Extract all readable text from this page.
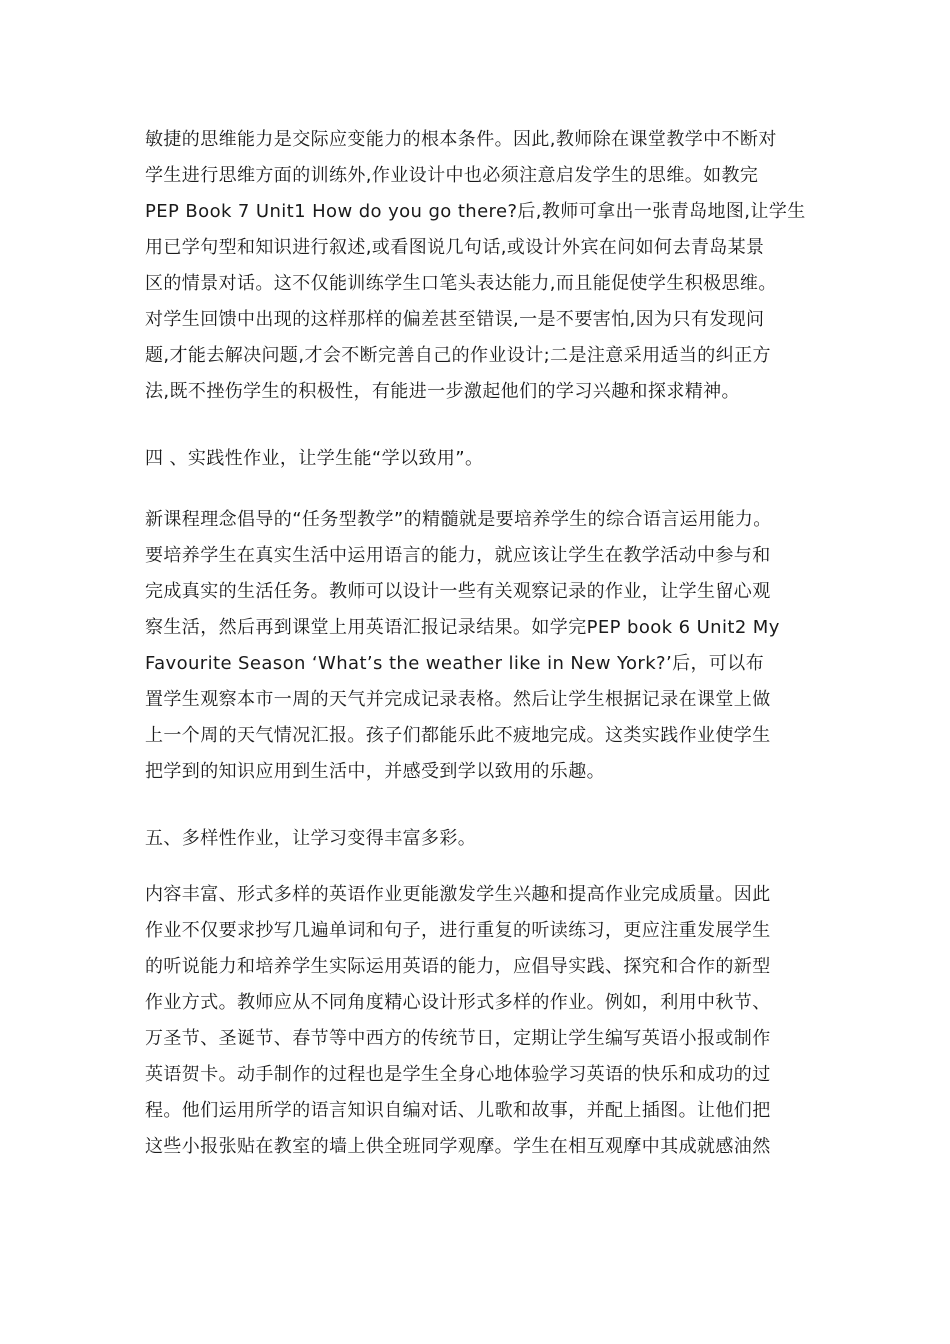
敏捷的思维能力是交际应变能力的根本条件。因此,教师除在课堂教学中不断对
学生进行思维方面的训练外,作业设计中也必须注意启发学生的思维。如教完
PEP Book 7 Unit1 How do you go there?后,教师可拿出一张青岛地图,让学生
用已学句型和知识进行叙述,或看图说几句话,或设计外宾在问如何去青岛某景
区的情景对话。这不仅能训练学生口笔头表达能力,而且能促使学生积极思维。
对学生回馈中出现的这样那样的偏差甚至错误,一是不要害怕,因为只有发现问
题,才能去解决问题,才会不断完善自己的作业设计;二是注意采用适当的纠正方
法,既不挫伤学生的积极性，有能进一步激起他们的学习兴趣和探求精神。
四 、实践性作业，让学生能“学以致用”。
新课程理念倡导的“任务型教学”的精髓就是要培养学生的综合语言运用能力。
要培养学生在真实生活中运用语言的能力，就应该让学生在教学活动中参与和
完成真实的生活任务。教师可以设计一些有关观察记录的作业，让学生留心观
察生活，然后再到课堂上用英语汇报记录结果。如学完PEP book 6 Unit2 My
Favourite Season ‘What’s the weather like in New York?’后，可以布
置学生观察本市一周的天气并完成记录表格。然后让学生根据记录在课堂上做
上一个周的天气情况汇报。孩子们都能乐此不疲地完成。这类实践作业使学生
把学到的知识应用到生活中，并感受到学以致用的乐趣。
五、多样性作业，让学习变得丰富多彩。
内容丰富、形式多样的英语作业更能激发学生兴趣和提高作业完成质量。因此
作业不仅要求抄写几遍单词和句子，进行重复的听读练习，更应注重发展学生
的听说能力和培养学生实际运用英语的能力，应倡导实践、探究和合作的新型
作业方式。教师应从不同角度精心设计形式多样的作业。例如，利用中秋节、
万圣节、圣诞节、春节等中西方的传统节日，定期让学生编写英语小报或制作
英语贺卡。动手制作的过程也是学生全身心地体验学习英语的快乐和成功的过
程。他们运用所学的语言知识自编对话、儿歌和故事，并配上插图。让他们把
这些小报张贴在教室的墙上供全班同学观摩。学生在相互观摩中其成就感油然
